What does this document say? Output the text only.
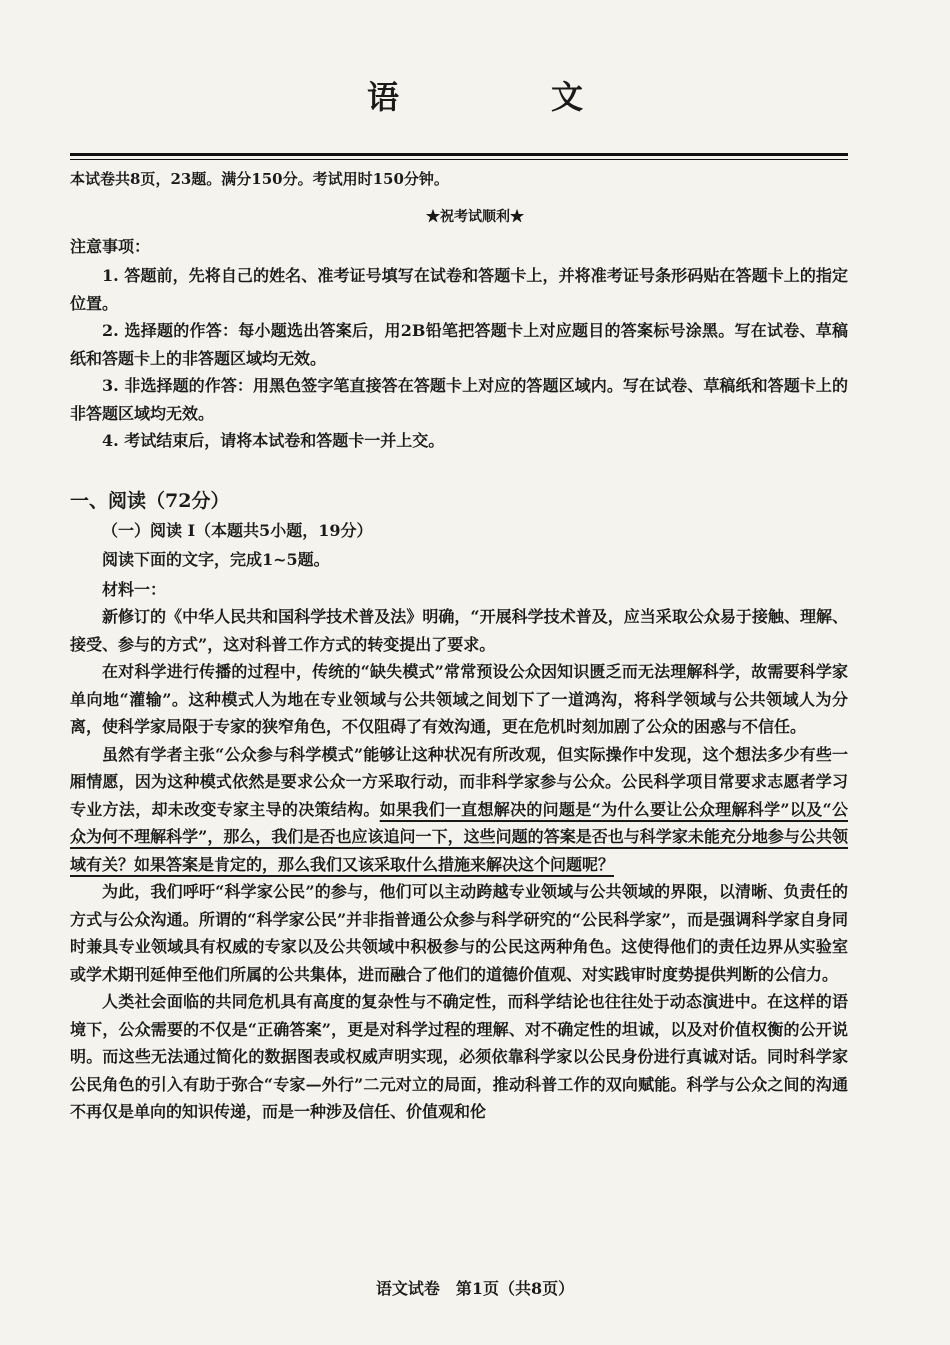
语　文
本试卷共8页，23题。满分150分。考试用时150分钟。
★祝考试顺利★
注意事项：

1. 答题前，先将自己的姓名、准考证号填写在试卷和答题卡上，并将准考证号条形码贴在答题卡上的指定位置。

2. 选择题的作答：每小题选出答案后，用2B铅笔把答题卡上对应题目的答案标号涂黑。写在试卷、草稿纸和答题卡上的非答题区域均无效。

3. 非选择题的作答：用黑色签字笔直接答在答题卡上对应的答题区域内。写在试卷、草稿纸和答题卡上的非答题区域均无效。

4. 考试结束后，请将本试卷和答题卡一并上交。

一、阅读（72分）
（一）阅读 I（本题共5小题，19分）
阅读下面的文字，完成1~5题。
材料一：

新修订的《中华人民共和国科学技术普及法》明确，“开展科学技术普及，应当采取公众易于接触、理解、接受、参与的方式”，这对科普工作方式的转变提出了要求。

在对科学进行传播的过程中，传统的“缺失模式”常常预设公众因知识匮乏而无法理解科学，故需要科学家单向地“灌输”。这种模式人为地在专业领域与公共领域之间划下了一道鸿沟，将科学领域与公共领域人为分离，使科学家局限于专家的狭窄角色，不仅阻碍了有效沟通，更在危机时刻加剧了公众的困惑与不信任。

虽然有学者主张“公众参与科学模式”能够让这种状况有所改观，但实际操作中发现，这个想法多少有些一厢情愿，因为这种模式依然是要求公众一方采取行动，而非科学家参与公众。公民科学项目常要求志愿者学习专业方法，却未改变专家主导的决策结构。如果我们一直想解决的问题是“为什么要让公众理解科学”以及“公众为何不理解科学”，那么，我们是否也应该追问一下，这些问题的答案是否也与科学家未能充分地参与公共领域有关？如果答案是肯定的，那么我们又该采取什么措施来解决这个问题呢？

为此，我们呼吁“科学家公民”的参与，他们可以主动跨越专业领域与公共领域的界限，以清晰、负责任的方式与公众沟通。所谓的“科学家公民”并非指普通公众参与科学研究的“公民科学家”，而是强调科学家自身同时兼具专业领域具有权威的专家以及公共领域中积极参与的公民这两种角色。这使得他们的责任边界从实验室或学术期刊延伸至他们所属的公共集体，进而融合了他们的道德价值观、对实践审时度势提供判断的公信力。

人类社会面临的共同危机具有高度的复杂性与不确定性，而科学结论也往往处于动态演进中。在这样的语境下，公众需要的不仅是“正确答案”，更是对科学过程的理解、对不确定性的坦诚，以及对价值权衡的公开说明。而这些无法通过简化的数据图表或权威声明实现，必须依靠科学家以公民身份进行真诚对话。同时科学家公民角色的引入有助于弥合“专家—外行”二元对立的局面，推动科普工作的双向赋能。科学与公众之间的沟通不再仅是单向的知识传递，而是一种涉及信任、价值观和伦

语文试卷　第1页（共8页）
